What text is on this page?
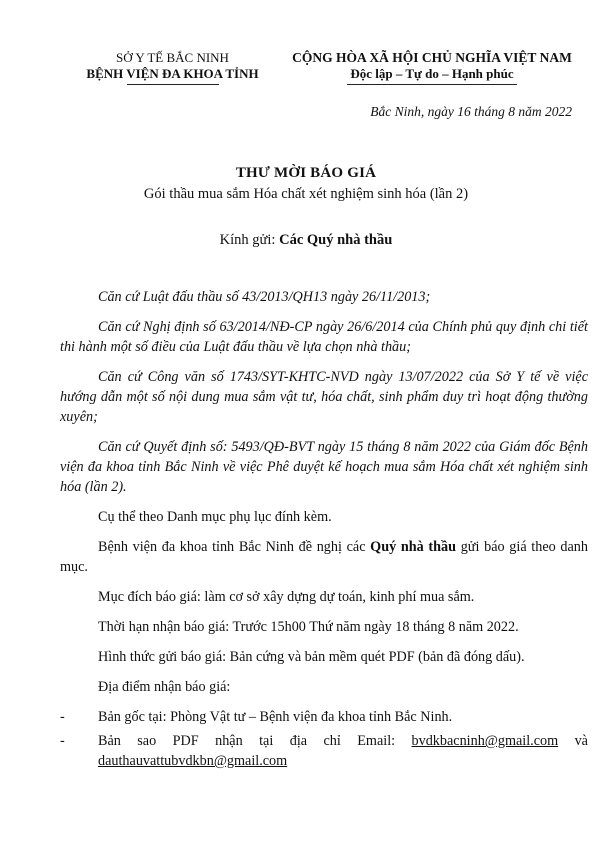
SỞ Y TẾ BẮC NINH
BỆNH VIỆN ĐA KHOA TỈNH
CỘNG HÒA XÃ HỘI CHỦ NGHĨA VIỆT NAM
Độc lập – Tự do – Hạnh phúc
Bắc Ninh, ngày 16 tháng 8 năm 2022
THƯ MỜI BÁO GIÁ
Gói thầu mua sắm Hóa chất xét nghiệm sinh hóa (lần 2)
Kính gửi: Các Quý nhà thầu

Căn cứ Luật đấu thầu số 43/2013/QH13 ngày 26/11/2013;

Căn cứ Nghị định số 63/2014/NĐ-CP ngày 26/6/2014 của Chính phủ quy định chi tiết thi hành một số điều của Luật đấu thầu về lựa chọn nhà thầu;

Căn cứ Công văn số 1743/SYT-KHTC-NVD ngày 13/07/2022 của Sở Y tế về việc hướng dẫn một số nội dung mua sắm vật tư, hóa chất, sinh phẩm duy trì hoạt động thường xuyên;

Căn cứ Quyết định số: 5493/QĐ-BVT ngày 15 tháng 8 năm 2022 của Giám đốc Bệnh viện đa khoa tỉnh Bắc Ninh về việc Phê duyệt kế hoạch mua sắm Hóa chất xét nghiệm sinh hóa (lần 2).

Cụ thể theo Danh mục phụ lục đính kèm.

Bệnh viện đa khoa tỉnh Bắc Ninh đề nghị các Quý nhà thầu gửi báo giá theo danh mục.

Mục đích báo giá: làm cơ sở xây dựng dự toán, kinh phí mua sắm.

Thời hạn nhận báo giá: Trước 15h00 Thứ năm ngày 18 tháng 8 năm 2022.

Hình thức gửi báo giá: Bản cứng và bản mềm quét PDF (bản đã đóng dấu).

Địa điểm nhận báo giá:

- Bản gốc tại: Phòng Vật tư – Bệnh viện đa khoa tỉnh Bắc Ninh.
- Bản sao PDF nhận tại địa chỉ Email: bvdkbacninh@gmail.com và dauthauvattubvdkbn@gmail.com
